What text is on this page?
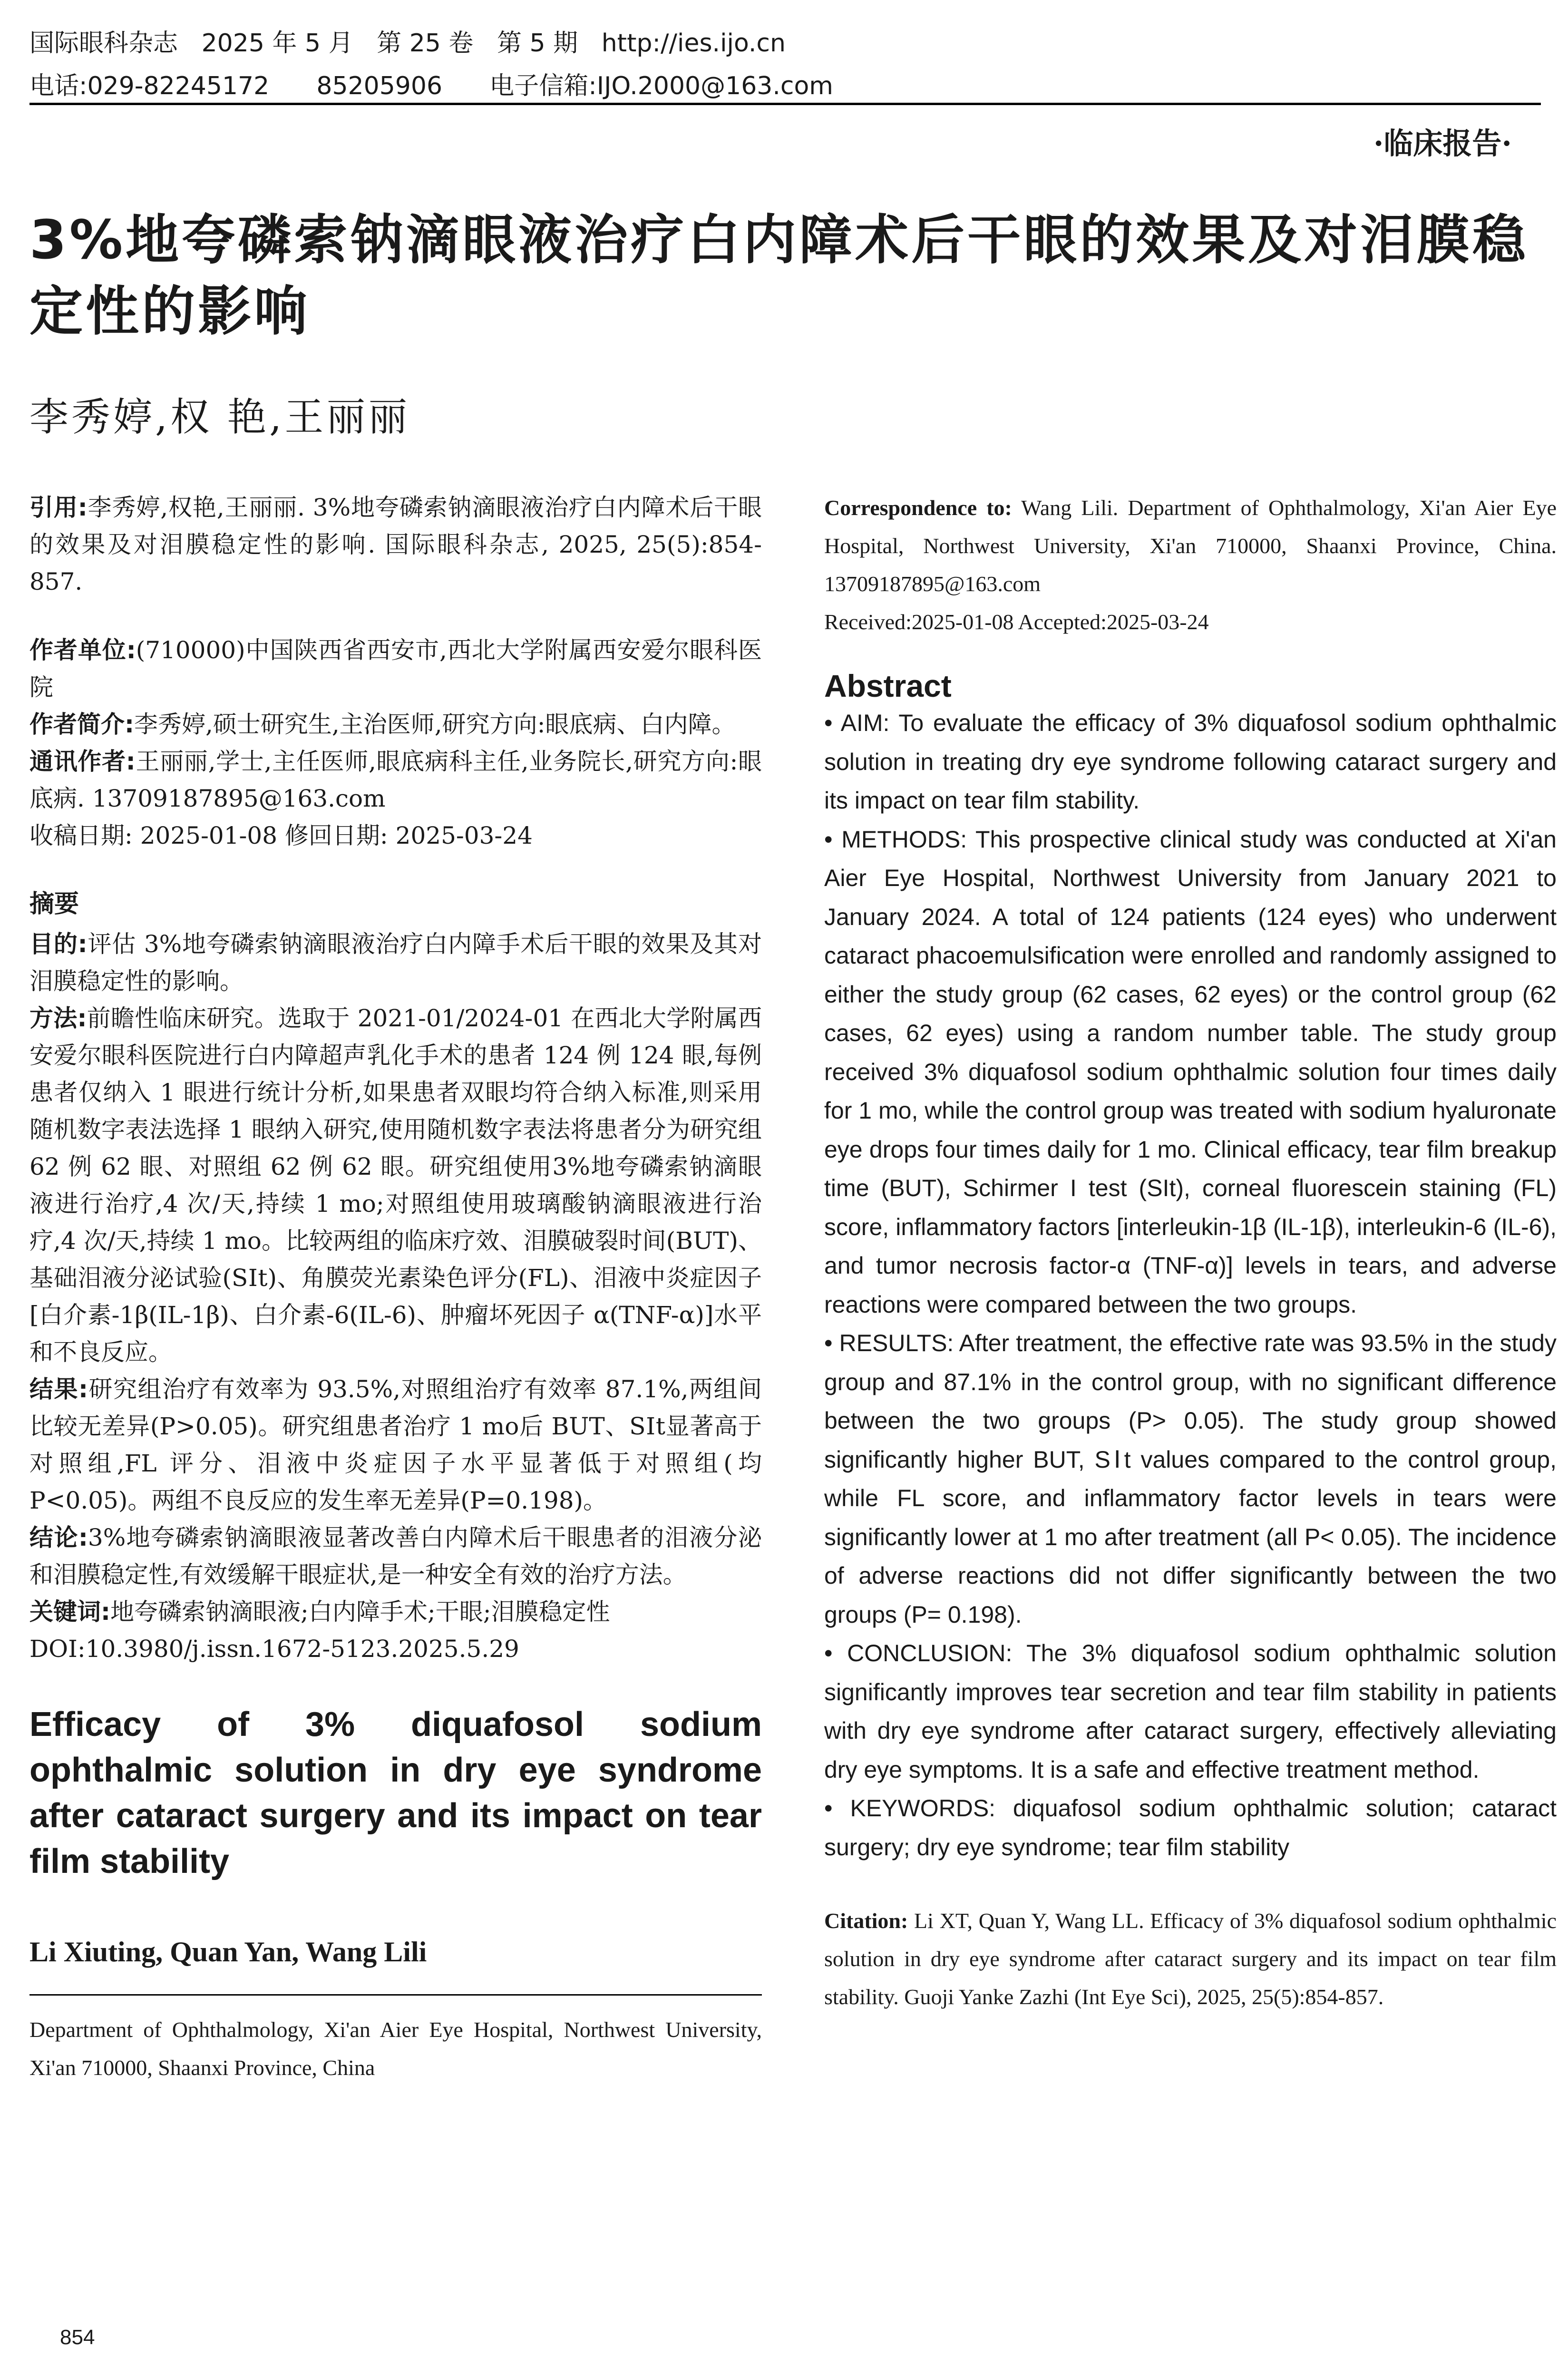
国际眼科杂志   2025 年 5 月   第 25 卷   第 5 期   http://ies.ijo.cn
电话:029-82245172      85205906      电子信箱:IJO.2000@163.com
·临床报告·
3%地夸磷索钠滴眼液治疗白内障术后干眼的效果及对泪膜稳定性的影响
李秀婷,权 艳,王丽丽

引用:李秀婷,权艳,王丽丽. 3%地夸磷索钠滴眼液治疗白内障术后干眼的效果及对泪膜稳定性的影响. 国际眼科杂志, 2025, 25(5):854-857.

作者单位:(710000)中国陕西省西安市,西北大学附属西安爱尔眼科医院

作者简介:李秀婷,硕士研究生,主治医师,研究方向:眼底病、白内障。

通讯作者:王丽丽,学士,主任医师,眼底病科主任,业务院长,研究方向:眼底病. 13709187895@163.com

收稿日期: 2025-01-08 修回日期: 2025-03-24

摘要

目的:评估 3%地夸磷索钠滴眼液治疗白内障手术后干眼的效果及其对泪膜稳定性的影响。

方法:前瞻性临床研究。选取于 2021-01/2024-01 在西北大学附属西安爱尔眼科医院进行白内障超声乳化手术的患者 124 例 124 眼,每例患者仅纳入 1 眼进行统计分析,如果患者双眼均符合纳入标准,则采用随机数字表法选择 1 眼纳入研究,使用随机数字表法将患者分为研究组 62 例 62 眼、对照组 62 例 62 眼。研究组使用3%地夸磷索钠滴眼液进行治疗,4 次/天,持续 1 mo;对照组使用玻璃酸钠滴眼液进行治疗,4 次/天,持续 1 mo。比较两组的临床疗效、泪膜破裂时间(BUT)、基础泪液分泌试验(SⅠt)、角膜荧光素染色评分(FL)、泪液中炎症因子[白介素-1β(IL-1β)、白介素-6(IL-6)、肿瘤坏死因子 α(TNF-α)]水平和不良反应。

结果:研究组治疗有效率为 93.5%,对照组治疗有效率 87.1%,两组间比较无差异(P>0.05)。研究组患者治疗 1 mo后 BUT、SⅠt显著高于对照组,FL 评分、泪液中炎症因子水平显著低于对照组(均 P<0.05)。两组不良反应的发生率无差异(P=0.198)。

结论:3%地夸磷索钠滴眼液显著改善白内障术后干眼患者的泪液分泌和泪膜稳定性,有效缓解干眼症状,是一种安全有效的治疗方法。

关键词:地夸磷索钠滴眼液;白内障手术;干眼;泪膜稳定性

DOI:10.3980/j.issn.1672-5123.2025.5.29

Efficacy of 3% diquafosol sodium ophthalmic solution in dry eye syndrome after cataract surgery and its impact on tear film stability
Li Xiuting, Quan Yan, Wang Lili
Department of Ophthalmology, Xi'an Aier Eye Hospital, Northwest University, Xi'an 710000, Shaanxi Province, China

Correspondence to: Wang Lili. Department of Ophthalmology, Xi'an Aier Eye Hospital, Northwest University, Xi'an 710000, Shaanxi Province, China. 13709187895@163.com

Received:2025-01-08 Accepted:2025-03-24

Abstract

• AIM: To evaluate the efficacy of 3% diquafosol sodium ophthalmic solution in treating dry eye syndrome following cataract surgery and its impact on tear film stability.

• METHODS: This prospective clinical study was conducted at Xi'an Aier Eye Hospital, Northwest University from January 2021 to January 2024. A total of 124 patients (124 eyes) who underwent cataract phacoemulsification were enrolled and randomly assigned to either the study group (62 cases, 62 eyes) or the control group (62 cases, 62 eyes) using a random number table. The study group received 3% diquafosol sodium ophthalmic solution four times daily for 1 mo, while the control group was treated with sodium hyaluronate eye drops four times daily for 1 mo. Clinical efficacy, tear film breakup time (BUT), Schirmer I test (SIt), corneal fluorescein staining (FL) score, inflammatory factors [interleukin-1β (IL-1β), interleukin-6 (IL-6), and tumor necrosis factor-α (TNF-α)] levels in tears, and adverse reactions were compared between the two groups.

• RESULTS: After treatment, the effective rate was 93.5% in the study group and 87.1% in the control group, with no significant difference between the two groups (P> 0.05). The study group showed significantly higher BUT, SⅠt values compared to the control group, while FL score, and inflammatory factor levels in tears were significantly lower at 1 mo after treatment (all P< 0.05). The incidence of adverse reactions did not differ significantly between the two groups (P= 0.198).

• CONCLUSION: The 3% diquafosol sodium ophthalmic solution significantly improves tear secretion and tear film stability in patients with dry eye syndrome after cataract surgery, effectively alleviating dry eye symptoms. It is a safe and effective treatment method.

• KEYWORDS: diquafosol sodium ophthalmic solution; cataract surgery; dry eye syndrome; tear film stability

Citation: Li XT, Quan Y, Wang LL. Efficacy of 3% diquafosol sodium ophthalmic solution in dry eye syndrome after cataract surgery and its impact on tear film stability. Guoji Yanke Zazhi (Int Eye Sci), 2025, 25(5):854-857.

854
